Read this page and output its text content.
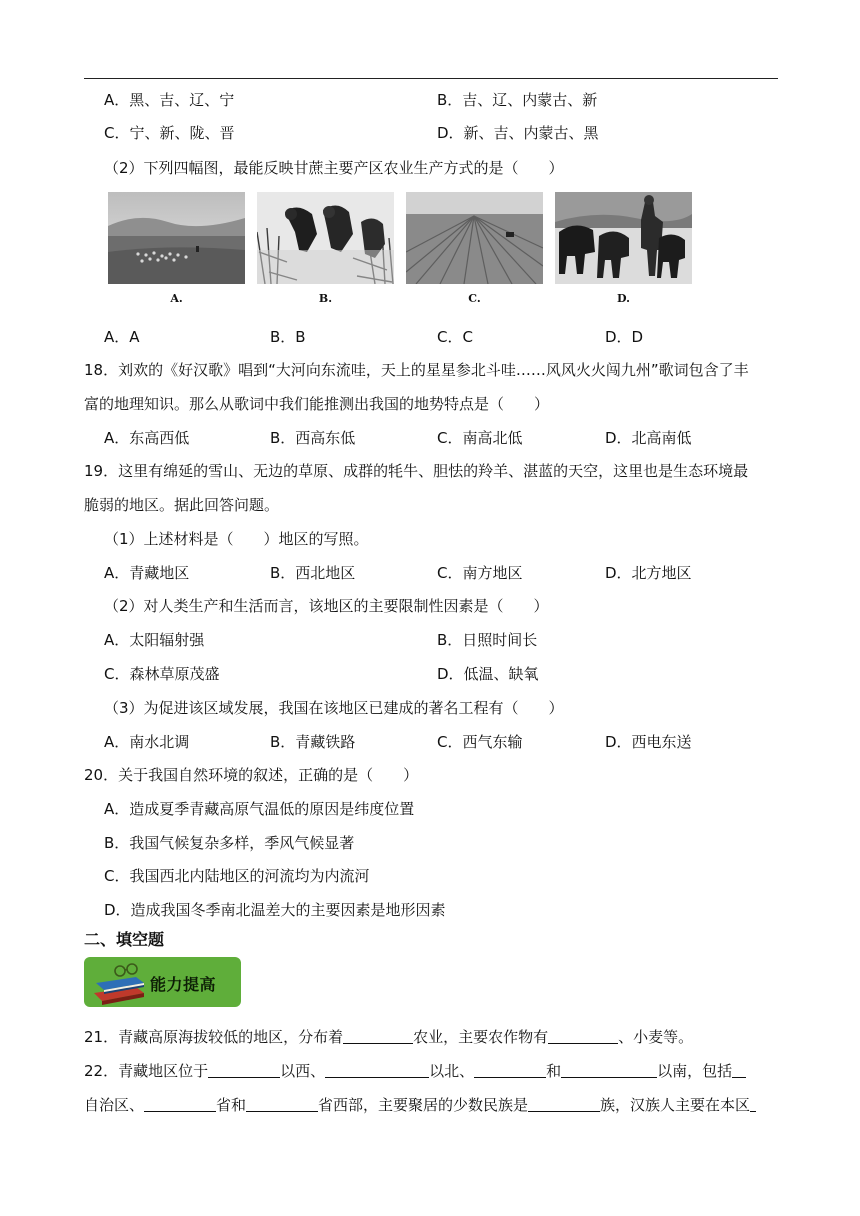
A．黑、吉、辽、宁	B．吉、辽、内蒙古、新
C．宁、新、陇、晋	D．新、吉、内蒙古、黑
（2）下列四幅图，最能反映甘蔗主要产区农业生产方式的是（　　）
A.	B.	C.	D.
A．A	B．B	C．C	D．D
18．刘欢的《好汉歌》唱到“大河向东流哇，天上的星星参北斗哇……风风火火闯九州”歌词包含了丰
富的地理知识。那么从歌词中我们能推测出我国的地势特点是（　　）
A．东高西低	B．西高东低	C．南高北低	D．北高南低
19．这里有绵延的雪山、无边的草原、成群的牦牛、胆怯的羚羊、湛蓝的天空，这里也是生态环境最
脆弱的地区。据此回答问题。
（1）上述材料是（　　）地区的写照。
A．青藏地区	B．西北地区	C．南方地区	D．北方地区
（2）对人类生产和生活而言，该地区的主要限制性因素是（　　）
A．太阳辐射强	B．日照时间长
C．森林草原茂盛	D．低温、缺氧
（3）为促进该区域发展，我国在该地区已建成的著名工程有（　　）
A．南水北调	B．青藏铁路	C．西气东输	D．西电东送
20．关于我国自然环境的叙述，正确的是（　　）
A．造成夏季青藏高原气温低的原因是纬度位置
B．我国气候复杂多样，季风气候显著
C．我国西北内陆地区的河流均为内流河
D．造成我国冬季南北温差大的主要因素是地形因素
二、填空题
能力提高
21．青藏高原海拔较低的地区，分布着	农业，主要农作物有	、小麦等。
22．青藏地区位于	以西、	以北、	和	以南，包括
自治区、	省和	省西部，主要聚居的少数民族是	族，汉族人主要在本区
